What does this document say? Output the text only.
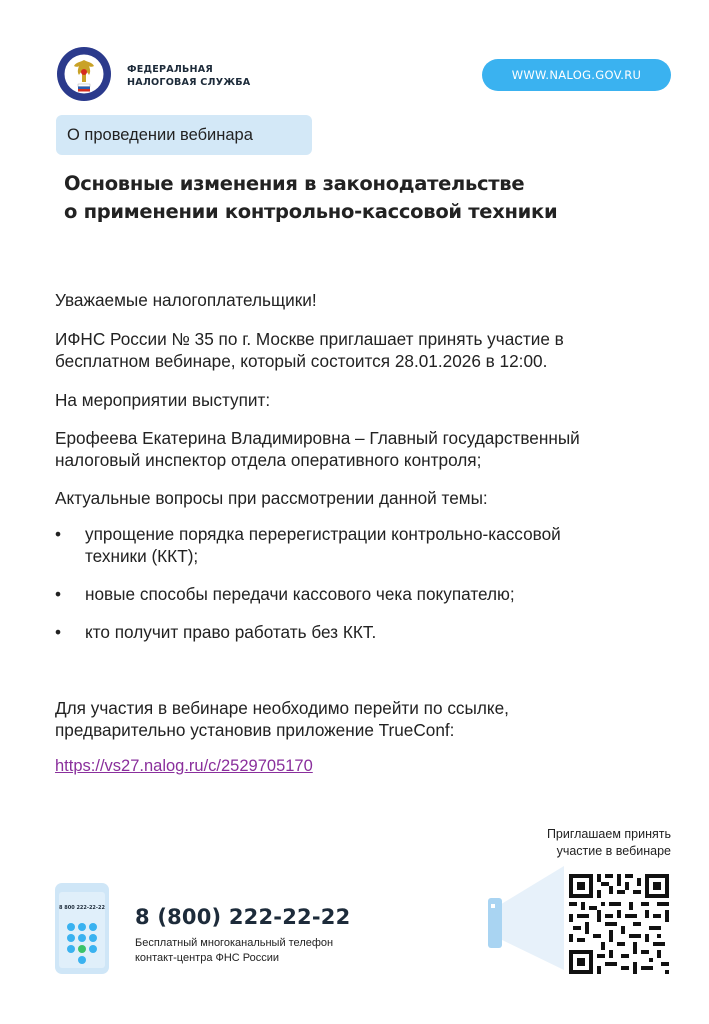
ФЕДЕРАЛЬНАЯ
НАЛОГОВАЯ СЛУЖБА
WWW.NALOG.GOV.RU
О проведении вебинара
Основные изменения в законодательстве
о применении контрольно-кассовой техники
Уважаемые налогоплательщики!
ИФНС России № 35 по г. Москве приглашает принять участие в
бесплатном вебинаре, который состоится 28.01.2026 в 12:00.
На мероприятии выступит:
Ерофеева Екатерина Владимировна – Главный государственный
налоговый инспектор отдела оперативного контроля;
Актуальные вопросы при рассмотрении данной темы:
• упрощение порядка перерегистрации контрольно-кассовой
техники (ККТ);
• новые способы передачи кассового чека покупателю;
• кто получит право работать без ККТ.
Для участия в вебинаре необходимо перейти по ссылке,
предварительно установив приложение TrueConf:
https://vs27.nalog.ru/c/2529705170
Приглашаем принять
участие в вебинаре
8 800 222-22-22 8 (800) 222-22-22
Бесплатный многоканальный телефон
контакт-центра ФНС России
